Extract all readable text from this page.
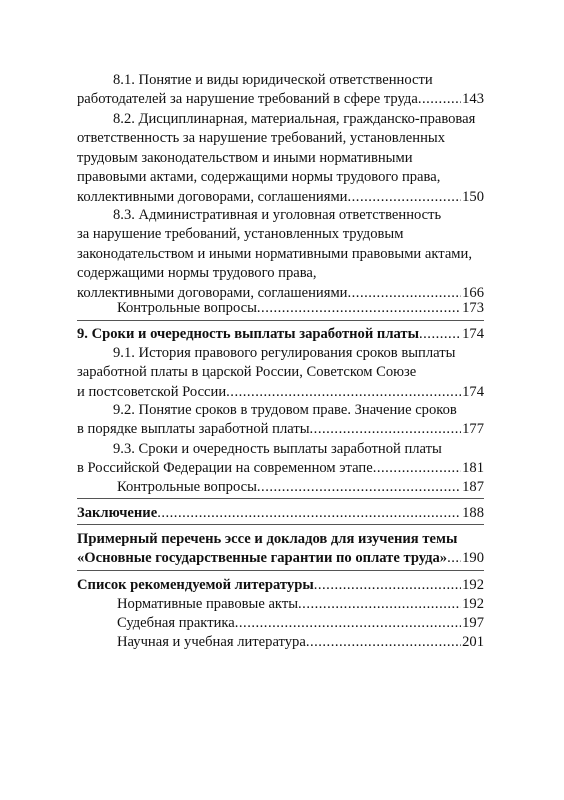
8.1. Понятие и виды юридической ответственности
работодателей за нарушение требований в сфере труда .....	143
8.2. Дисциплинарная, материальная, гражданско-правовая
ответственность за нарушение требований, установленных
трудовым законодательством и иными нормативными
правовыми актами, содержащими нормы трудового права,
коллективными договорами, соглашениями .....	150
8.3. Административная и уголовная ответственность
за нарушение требований, установленных трудовым
законодательством и иными нормативными правовыми актами,
содержащими нормы трудового права,
коллективными договорами, соглашениями .....	166
Контрольные вопросы .....	173
9. Сроки и очередность выплаты заработной платы .....	174
9.1. История правового регулирования сроков выплаты
заработной платы в царской России, Советском Союзе
и постсоветской России .....	174
9.2. Понятие сроков в трудовом праве. Значение сроков
в порядке выплаты заработной платы .....	177
9.3. Сроки и очередность выплаты заработной платы
в Российской Федерации на современном этапе .....	181
Контрольные вопросы .....	187
Заключение .....	188
Примерный перечень эссе и докладов для изучения темы
«Основные государственные гарантии по оплате труда» ..... 190
Список рекомендуемой литературы .....	192
Нормативные правовые акты .....	192
Судебная практика .....	197
Научная и учебная литература .....	201
